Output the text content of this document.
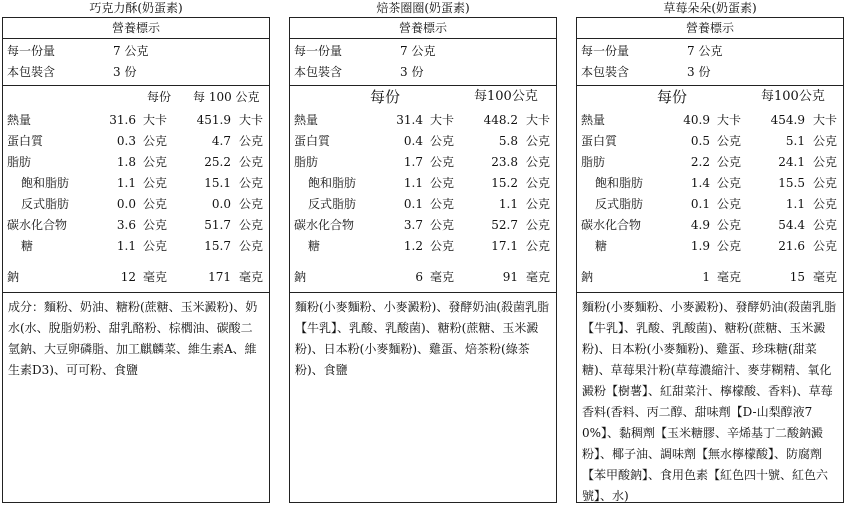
巧克力酥(奶蛋素)
營養標示
每一份量	7 公克
本包裝含	3 份
每份 每 100 公克
熱量	31.6 大卡 451.9 大卡
蛋白質	0.3 公克	4.7 公克
脂肪	1.8 公克	25.2 公克
飽和脂肪	1.1 公克	15.1 公克
反式脂肪	0.0 公克	0.0 公克
碳水化合物	3.6 公克	51.7 公克
糖	1.1 公克	15.7 公克
鈉	12 毫克	171 毫克
成分：麵粉、奶油、糖粉(蔗糖、玉米澱粉)、奶水(水、脫脂奶粉、甜乳酪粉、棕櫚油、碳酸二氫鈉、大豆卵磷脂、加工麒麟菜、維生素A、維生素D3)、可可粉、食鹽
焙茶圈圈(奶蛋素)
營養標示
每一份量	7 公克
本包裝含	3 份
每份	每100公克
熱量	31.4 大卡 448.2 大卡
蛋白質	0.4 公克	5.8 公克
脂肪	1.7 公克	23.8 公克
飽和脂肪	1.1 公克	15.2 公克
反式脂肪	0.1 公克	1.1 公克
碳水化合物	3.7 公克	52.7 公克
糖	1.2 公克	17.1 公克
鈉	6 毫克	91 毫克
麵粉(小麥麵粉、小麥澱粉)、發酵奶油(殺菌乳脂【牛乳】、乳酸、乳酸菌)、糖粉(蔗糖、玉米澱粉)、日本粉(小麥麵粉)、雞蛋、焙茶粉(綠茶粉)、食鹽
草莓朵朵(奶蛋素)
營養標示
每一份量	7 公克
本包裝含	3 份
每份	每100公克
熱量	40.9 大卡 454.9 大卡
蛋白質	0.5 公克	5.1 公克
脂肪	2.2 公克	24.1 公克
飽和脂肪	1.4 公克	15.5 公克
反式脂肪	0.1 公克	1.1 公克
碳水化合物	4.9 公克	54.4 公克
糖	1.9 公克	21.6 公克
鈉	1 毫克	15 毫克
麵粉(小麥麵粉、小麥澱粉)、發酵奶油(殺菌乳脂【牛乳】、乳酸、乳酸菌)、糖粉(蔗糖、玉米澱粉)、日本粉(小麥麵粉)、雞蛋、珍珠糖(甜菜糖)、草莓果汁粉(草莓濃縮汁、麥芽糊精、氧化澱粉【樹薯】、紅甜菜汁、檸檬酸、香料)、草莓香料(香料、丙二醇、甜味劑【D-山梨醇液70%】、黏稠劑【玉米糖膠、辛烯基丁二酸鈉澱粉】、椰子油、調味劑【無水檸檬酸】、防腐劑【苯甲酸鈉】、食用色素【紅色四十號、紅色六號】、水)
